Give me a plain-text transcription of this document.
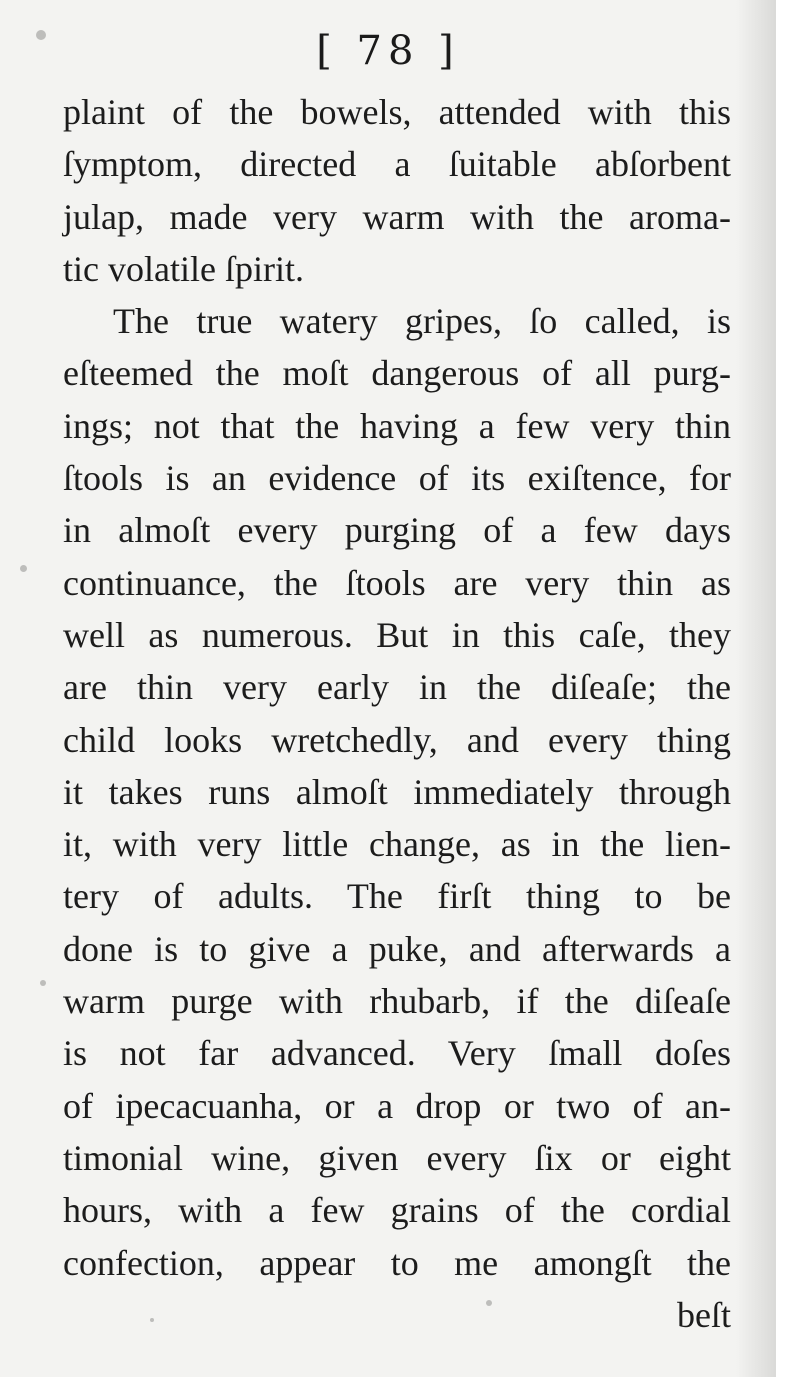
[ 78 ]
plaint of the bowels, attended with this
ſymptom, directed a ſuitable abſorbent
julap, made very warm with the aroma-
tic volatile ſpirit.
The true watery gripes, ſo called, is
eſteemed the moſt dangerous of all purg-
ings; not that the having a few very thin
ſtools is an evidence of its exiſtence, for
in almoſt every purging of a few days
continuance, the ſtools are very thin as
well as numerous. But in this caſe, they
are thin very early in the diſeaſe; the
child looks wretchedly, and every thing
it takes runs almoſt immediately through
it, with very little change, as in the lien-
tery of adults. The firſt thing to be
done is to give a puke, and afterwards a
warm purge with rhubarb, if the diſeaſe
is not far advanced. Very ſmall doſes
of ipecacuanha, or a drop or two of an-
timonial wine, given every ſix or eight
hours, with a few grains of the cordial
confection, appear to me amongſt the
beſt
